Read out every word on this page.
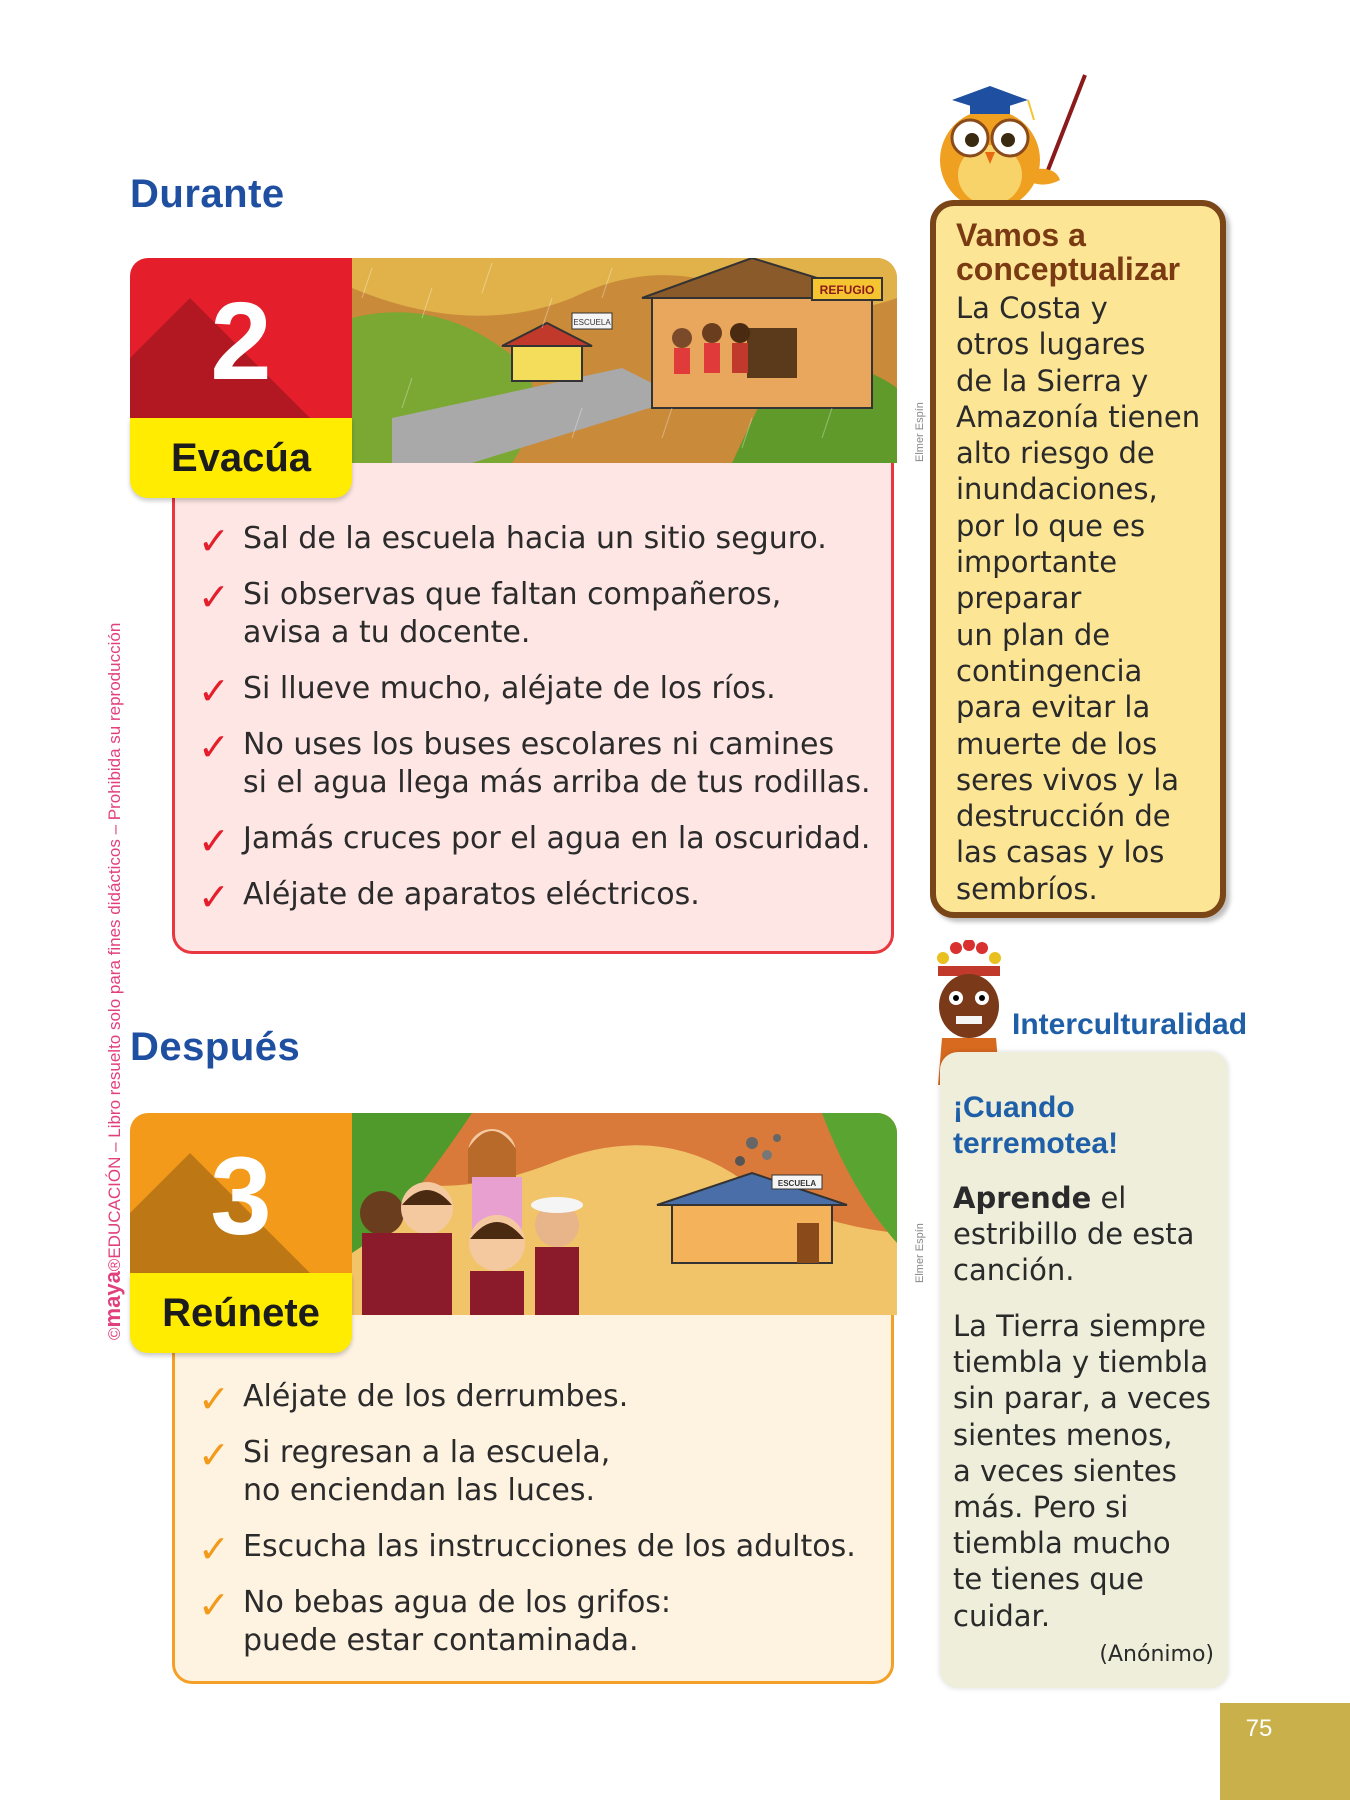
©maya®EDUCACIÓN – Libro resuelto solo para fines didácticos – Prohibida su reproducción
Durante
ESCUELA
REFUGIO
2
Evacúa	Elmer Espín
✓ Sal de la escuela hacia un sitio seguro.
✓ Si observas que faltan compañeros,
avisa a tu docente.
✓ Si llueve mucho, aléjate de los ríos.
✓ No uses los buses escolares ni camines
si el agua llega más arriba de tus rodillas.
✓ Jamás cruces por el agua en la oscuridad.
✓ Aléjate de aparatos eléctricos.
Después
ESCUELA
3
Reúnete
Elmer Espín
✓ Aléjate de los derrumbes.
✓ Si regresan a la escuela,
no enciendan las luces.
✓ Escucha las instrucciones de los adultos.
✓ No bebas agua de los grifos:
puede estar contaminada.
Vamos a
conceptualizar

La Costa y
otros lugares
de la Sierra y
Amazonía tienen
alto riesgo de
inundaciones,
por lo que es
importante
preparar
un plan de
contingencia
para evitar la
muerte de los
seres vivos y la
destrucción de
las casas y los
sembríos.

Interculturalidad
¡Cuando
terremotea!

Aprende el
estribillo de esta
canción.

La Tierra siempre
tiembla y tiembla
sin parar, a veces
sientes menos,
a veces sientes
más. Pero si
tiembla mucho
te tienes que
cuidar.

(Anónimo)

75
